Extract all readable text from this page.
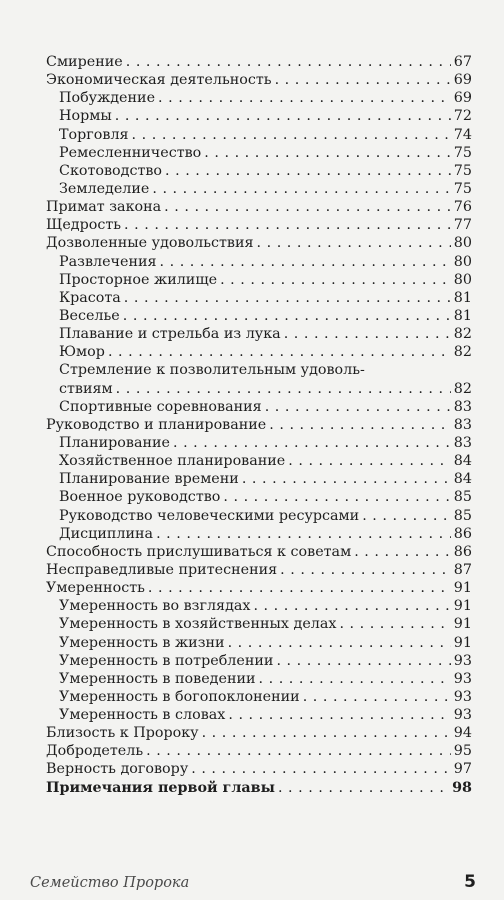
Смирение . . .	67
Экономическая деятельность . . .	69
Побуждение . . .	69
Нормы . . .	72
Торговля . . .	74
Ремесленничество . . .	75
Скотоводство . . .	75
Земледелие . . .	75
Примат закона . . .	76
Щедрость . . .	77
Дозволенные удовольствия . . .	80
Развлечения . . .	80
Просторное жилище . . .	80
Красота . . .	81
Веселье . . .	81
Плавание и стрельба из лука . . .	82
Юмор . . .	82
Стремление к позволительным удоволь-
ствиям . . .	82
Спортивные соревнования . . .	83
Руководство и планирование . . .	83
Планирование . . .	83
Хозяйственное планирование . . .	84
Планирование времени . . .	84
Военное руководство . . .	85
Руководство человеческими ресурсами . . .	85
Дисциплина . . .	86
Способность прислушиваться к советам . . .	86
Несправедливые притеснения . . .	87
Умеренность . . .	91
Умеренность во взглядах . . .	91
Умеренность в хозяйственных делах . . .	91
Умеренность в жизни . . .	91
Умеренность в потреблении . . .	93
Умеренность в поведении . . .	93
Умеренность в богопоклонении . . .	93
Умеренность в словах . . .	93
Близость к Пророку . . .	94
Добродетель . . .	95
Верность договору . . .	97
Примечания первой главы . . .	98
Семейство Пророка	5
